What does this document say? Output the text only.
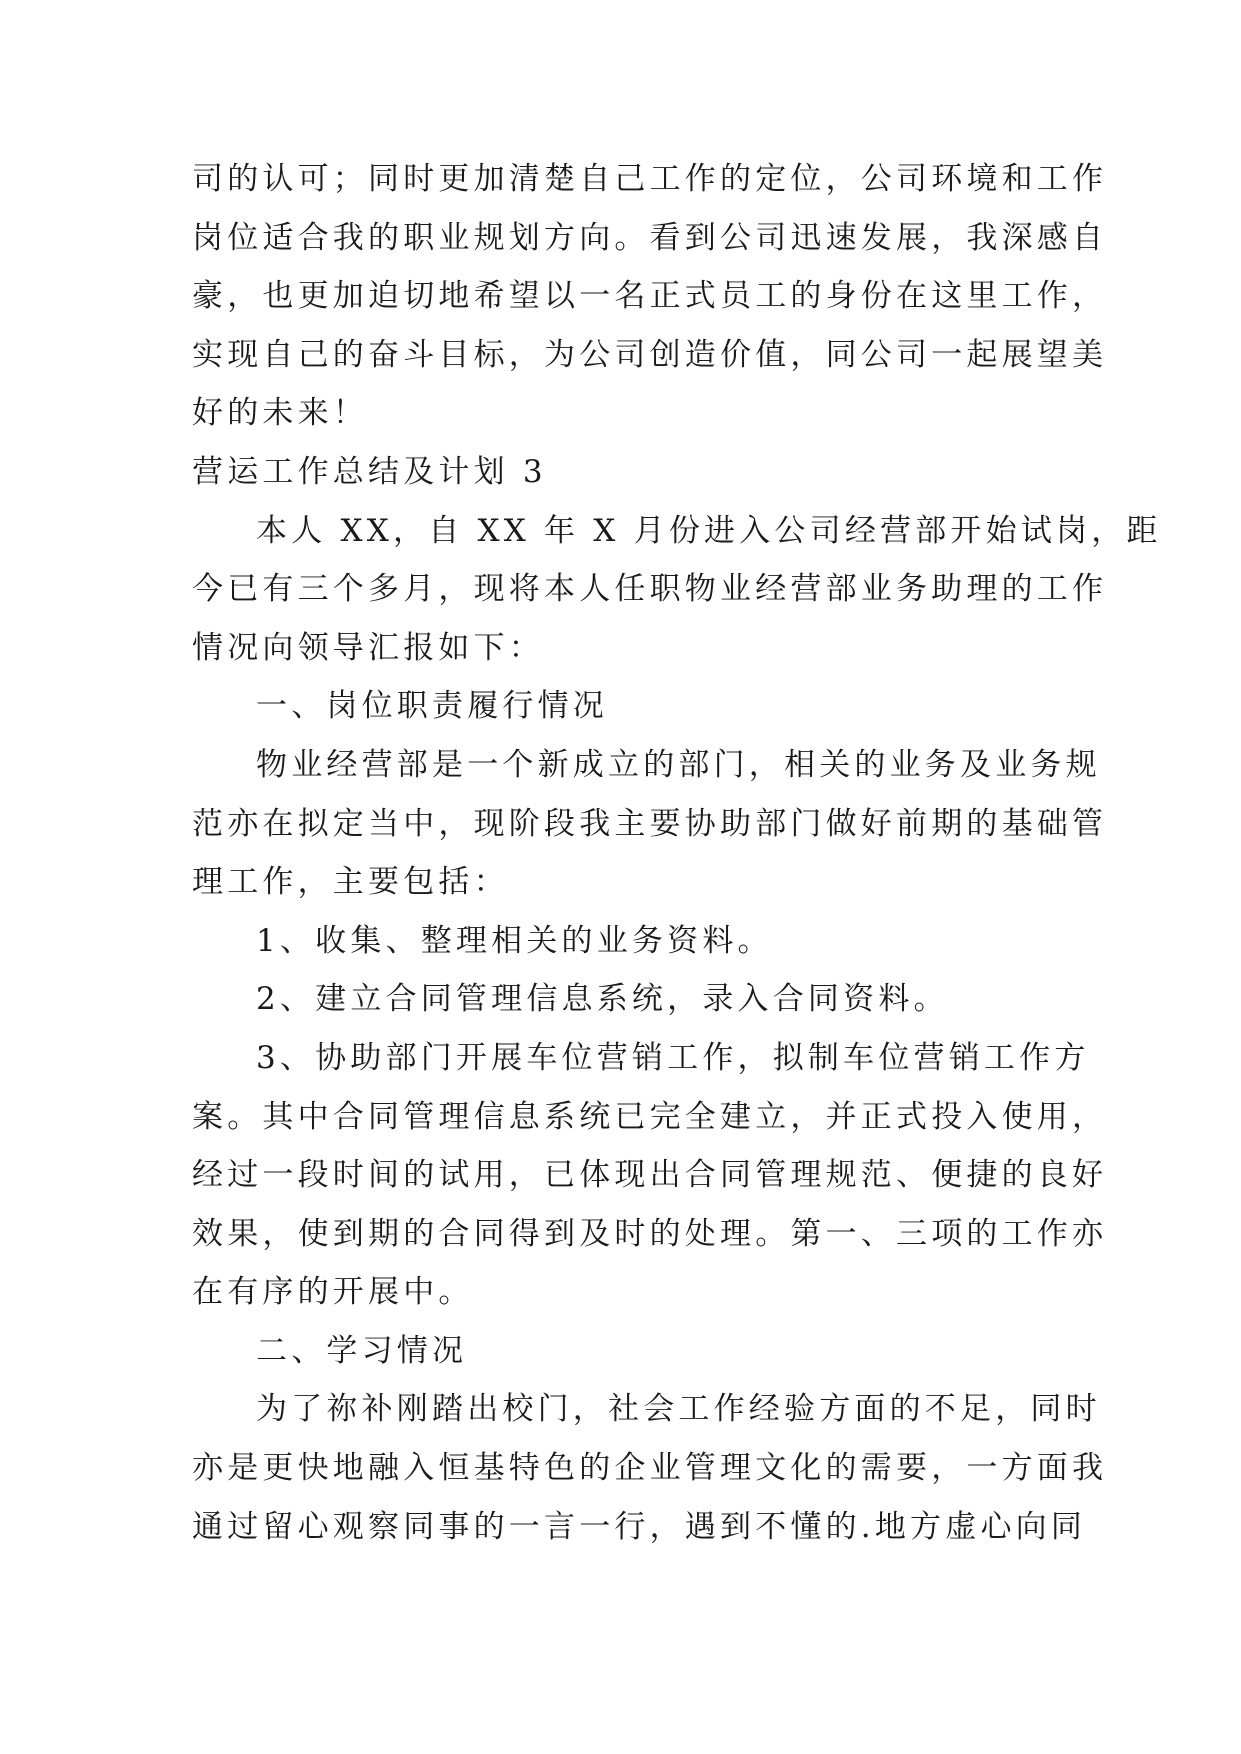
司的认可；同时更加清楚自己工作的定位，公司环境和工作
岗位适合我的职业规划方向。看到公司迅速发展，我深感自
豪，也更加迫切地希望以一名正式员工的身份在这里工作，
实现自己的奋斗目标，为公司创造价值，同公司一起展望美
好的未来！
营运工作总结及计划 3
本人 XX，自 XX 年 X 月份进入公司经营部开始试岗，距
今已有三个多月，现将本人任职物业经营部业务助理的工作
情况向领导汇报如下：
一、岗位职责履行情况
物业经营部是一个新成立的部门，相关的业务及业务规
范亦在拟定当中，现阶段我主要协助部门做好前期的基础管
理工作，主要包括：
1、收集、整理相关的业务资料。
2、建立合同管理信息系统，录入合同资料。
3、协助部门开展车位营销工作，拟制车位营销工作方
案。其中合同管理信息系统已完全建立，并正式投入使用，
经过一段时间的试用，已体现出合同管理规范、便捷的良好
效果，使到期的合同得到及时的处理。第一、三项的工作亦
在有序的开展中。
二、学习情况
为了祢补刚踏出校门，社会工作经验方面的不足，同时
亦是更快地融入恒基特色的企业管理文化的需要，一方面我
通过留心观察同事的一言一行，遇到不懂的.地方虚心向同
